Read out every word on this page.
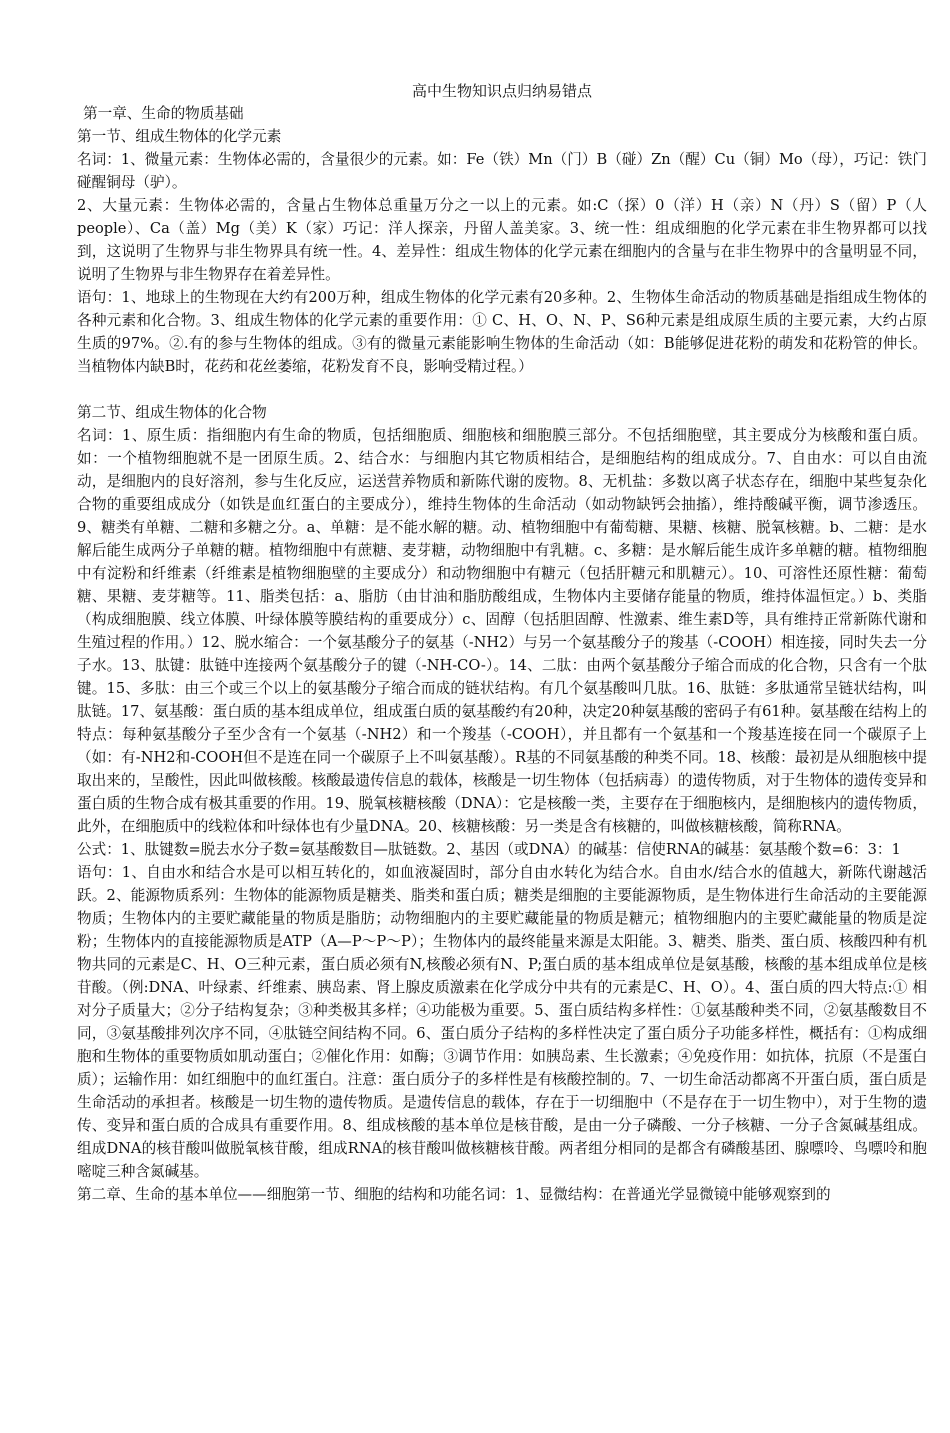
高中生物知识点归纳易错点

第一章、生命的物质基础

第一节、组成生物体的化学元素

名词：1、微量元素：生物体必需的，含量很少的元素。如：Fe（铁）Mn（门）B（碰）Zn（醒）Cu（铜）Mo（母），巧记：铁门碰醒铜母（驴）。

2、大量元素：生物体必需的，含量占生物体总重量万分之一以上的元素。如:C（探）0（洋）H（亲）N（丹）S（留）P（人people）、Ca（盖）Mg（美）K（家）巧记：洋人探亲，丹留人盖美家。3、统一性：组成细胞的化学元素在非生物界都可以找到，这说明了生物界与非生物界具有统一性。4、差异性：组成生物体的化学元素在细胞内的含量与在非生物界中的含量明显不同，说明了生物界与非生物界存在着差异性。

语句：1、地球上的生物现在大约有200万种，组成生物体的化学元素有20多种。2、生物体生命活动的物质基础是指组成生物体的各种元素和化合物。3、组成生物体的化学元素的重要作用：① C、H、O、N、P、S6种元素是组成原生质的主要元素，大约占原生质的97%。②.有的参与生物体的组成。③有的微量元素能影响生物体的生命活动（如：B能够促进花粉的萌发和花粉管的伸长。当植物体内缺B时，花药和花丝萎缩，花粉发育不良，影响受精过程。）

第二节、组成生物体的化合物

名词：1、原生质：指细胞内有生命的物质，包括细胞质、细胞核和细胞膜三部分。不包括细胞壁，其主要成分为核酸和蛋白质。如：一个植物细胞就不是一团原生质。2、结合水：与细胞内其它物质相结合，是细胞结构的组成成分。7、自由水：可以自由流动，是细胞内的良好溶剂，参与生化反应，运送营养物质和新陈代谢的废物。8、无机盐：多数以离子状态存在，细胞中某些复杂化合物的重要组成成分（如铁是血红蛋白的主要成分），维持生物体的生命活动（如动物缺钙会抽搐），维持酸碱平衡，调节渗透压。9、糖类有单糖、二糖和多糖之分。a、单糖：是不能水解的糖。动、植物细胞中有葡萄糖、果糖、核糖、脱氧核糖。b、二糖：是水解后能生成两分子单糖的糖。植物细胞中有蔗糖、麦芽糖，动物细胞中有乳糖。c、多糖：是水解后能生成许多单糖的糖。植物细胞中有淀粉和纤维素（纤维素是植物细胞壁的主要成分）和动物细胞中有糖元（包括肝糖元和肌糖元）。10、可溶性还原性糖：葡萄糖、果糖、麦芽糖等。11、脂类包括：a、脂肪（由甘油和脂肪酸组成，生物体内主要储存能量的物质，维持体温恒定。）b、类脂（构成细胞膜、线立体膜、叶绿体膜等膜结构的重要成分）c、固醇（包括胆固醇、性激素、维生素D等，具有维持正常新陈代谢和生殖过程的作用。）12、脱水缩合：一个氨基酸分子的氨基（-NH2）与另一个氨基酸分子的羧基（-COOH）相连接，同时失去一分子水。13、肽键：肽链中连接两个氨基酸分子的键（-NH-CO-）。14、二肽：由两个氨基酸分子缩合而成的化合物，只含有一个肽键。15、多肽：由三个或三个以上的氨基酸分子缩合而成的链状结构。有几个氨基酸叫几肽。16、肽链：多肽通常呈链状结构，叫肽链。17、氨基酸：蛋白质的基本组成单位，组成蛋白质的氨基酸约有20种，决定20种氨基酸的密码子有61种。氨基酸在结构上的特点：每种氨基酸分子至少含有一个氨基（-NH2）和一个羧基（-COOH），并且都有一个氨基和一个羧基连接在同一个碳原子上（如：有-NH2和-COOH但不是连在同一个碳原子上不叫氨基酸）。R基的不同氨基酸的种类不同。18、核酸：最初是从细胞核中提取出来的，呈酸性，因此叫做核酸。核酸最遗传信息的载体，核酸是一切生物体（包括病毒）的遗传物质，对于生物体的遗传变异和蛋白质的生物合成有极其重要的作用。19、脱氧核糖核酸（DNA）：它是核酸一类，主要存在于细胞核内，是细胞核内的遗传物质，此外，在细胞质中的线粒体和叶绿体也有少量DNA。20、核糖核酸：另一类是含有核糖的，叫做核糖核酸，简称RNA。

公式：1、肽键数=脱去水分子数=氨基酸数目—肽链数。2、基因（或DNA）的碱基：信使RNA的碱基：氨基酸个数=6：3：1

语句：1、自由水和结合水是可以相互转化的，如血液凝固时，部分自由水转化为结合水。自由水/结合水的值越大，新陈代谢越活跃。2、能源物质系列：生物体的能源物质是糖类、脂类和蛋白质；糖类是细胞的主要能源物质，是生物体进行生命活动的主要能源物质；生物体内的主要贮藏能量的物质是脂肪；动物细胞内的主要贮藏能量的物质是糖元；植物细胞内的主要贮藏能量的物质是淀粉；生物体内的直接能源物质是ATP（A—P～P～P）；生物体内的最终能量来源是太阳能。3、糖类、脂类、蛋白质、核酸四种有机物共同的元素是C、H、O三种元素，蛋白质必须有N,核酸必须有N、P;蛋白质的基本组成单位是氨基酸，核酸的基本组成单位是核苷酸。（例:DNA、叶绿素、纤维素、胰岛素、肾上腺皮质激素在化学成分中共有的元素是C、H、O）。4、蛋白质的四大特点:① 相对分子质量大；②分子结构复杂；③种类极其多样；④功能极为重要。5、蛋白质结构多样性：①氨基酸种类不同，②氨基酸数目不同，③氨基酸排列次序不同，④肽链空间结构不同。6、蛋白质分子结构的多样性决定了蛋白质分子功能多样性，概括有：①构成细胞和生物体的重要物质如肌动蛋白；②催化作用：如酶；③调节作用：如胰岛素、生长激素；④免疫作用：如抗体，抗原（不是蛋白质）；运输作用：如红细胞中的血红蛋白。注意：蛋白质分子的多样性是有核酸控制的。7、一切生命活动都离不开蛋白质，蛋白质是生命活动的承担者。核酸是一切生物的遗传物质。是遗传信息的载体，存在于一切细胞中（不是存在于一切生物中），对于生物的遗传、变异和蛋白质的合成具有重要作用。8、组成核酸的基本单位是核苷酸，是由一分子磷酸、一分子核糖、一分子含氮碱基组成。组成DNA的核苷酸叫做脱氧核苷酸，组成RNA的核苷酸叫做核糖核苷酸。两者组分相同的是都含有磷酸基团、腺嘌呤、鸟嘌呤和胞嘧啶三种含氮碱基。

第二章、生命的基本单位——细胞第一节、细胞的结构和功能名词：1、显微结构：在普通光学显微镜中能够观察到的
